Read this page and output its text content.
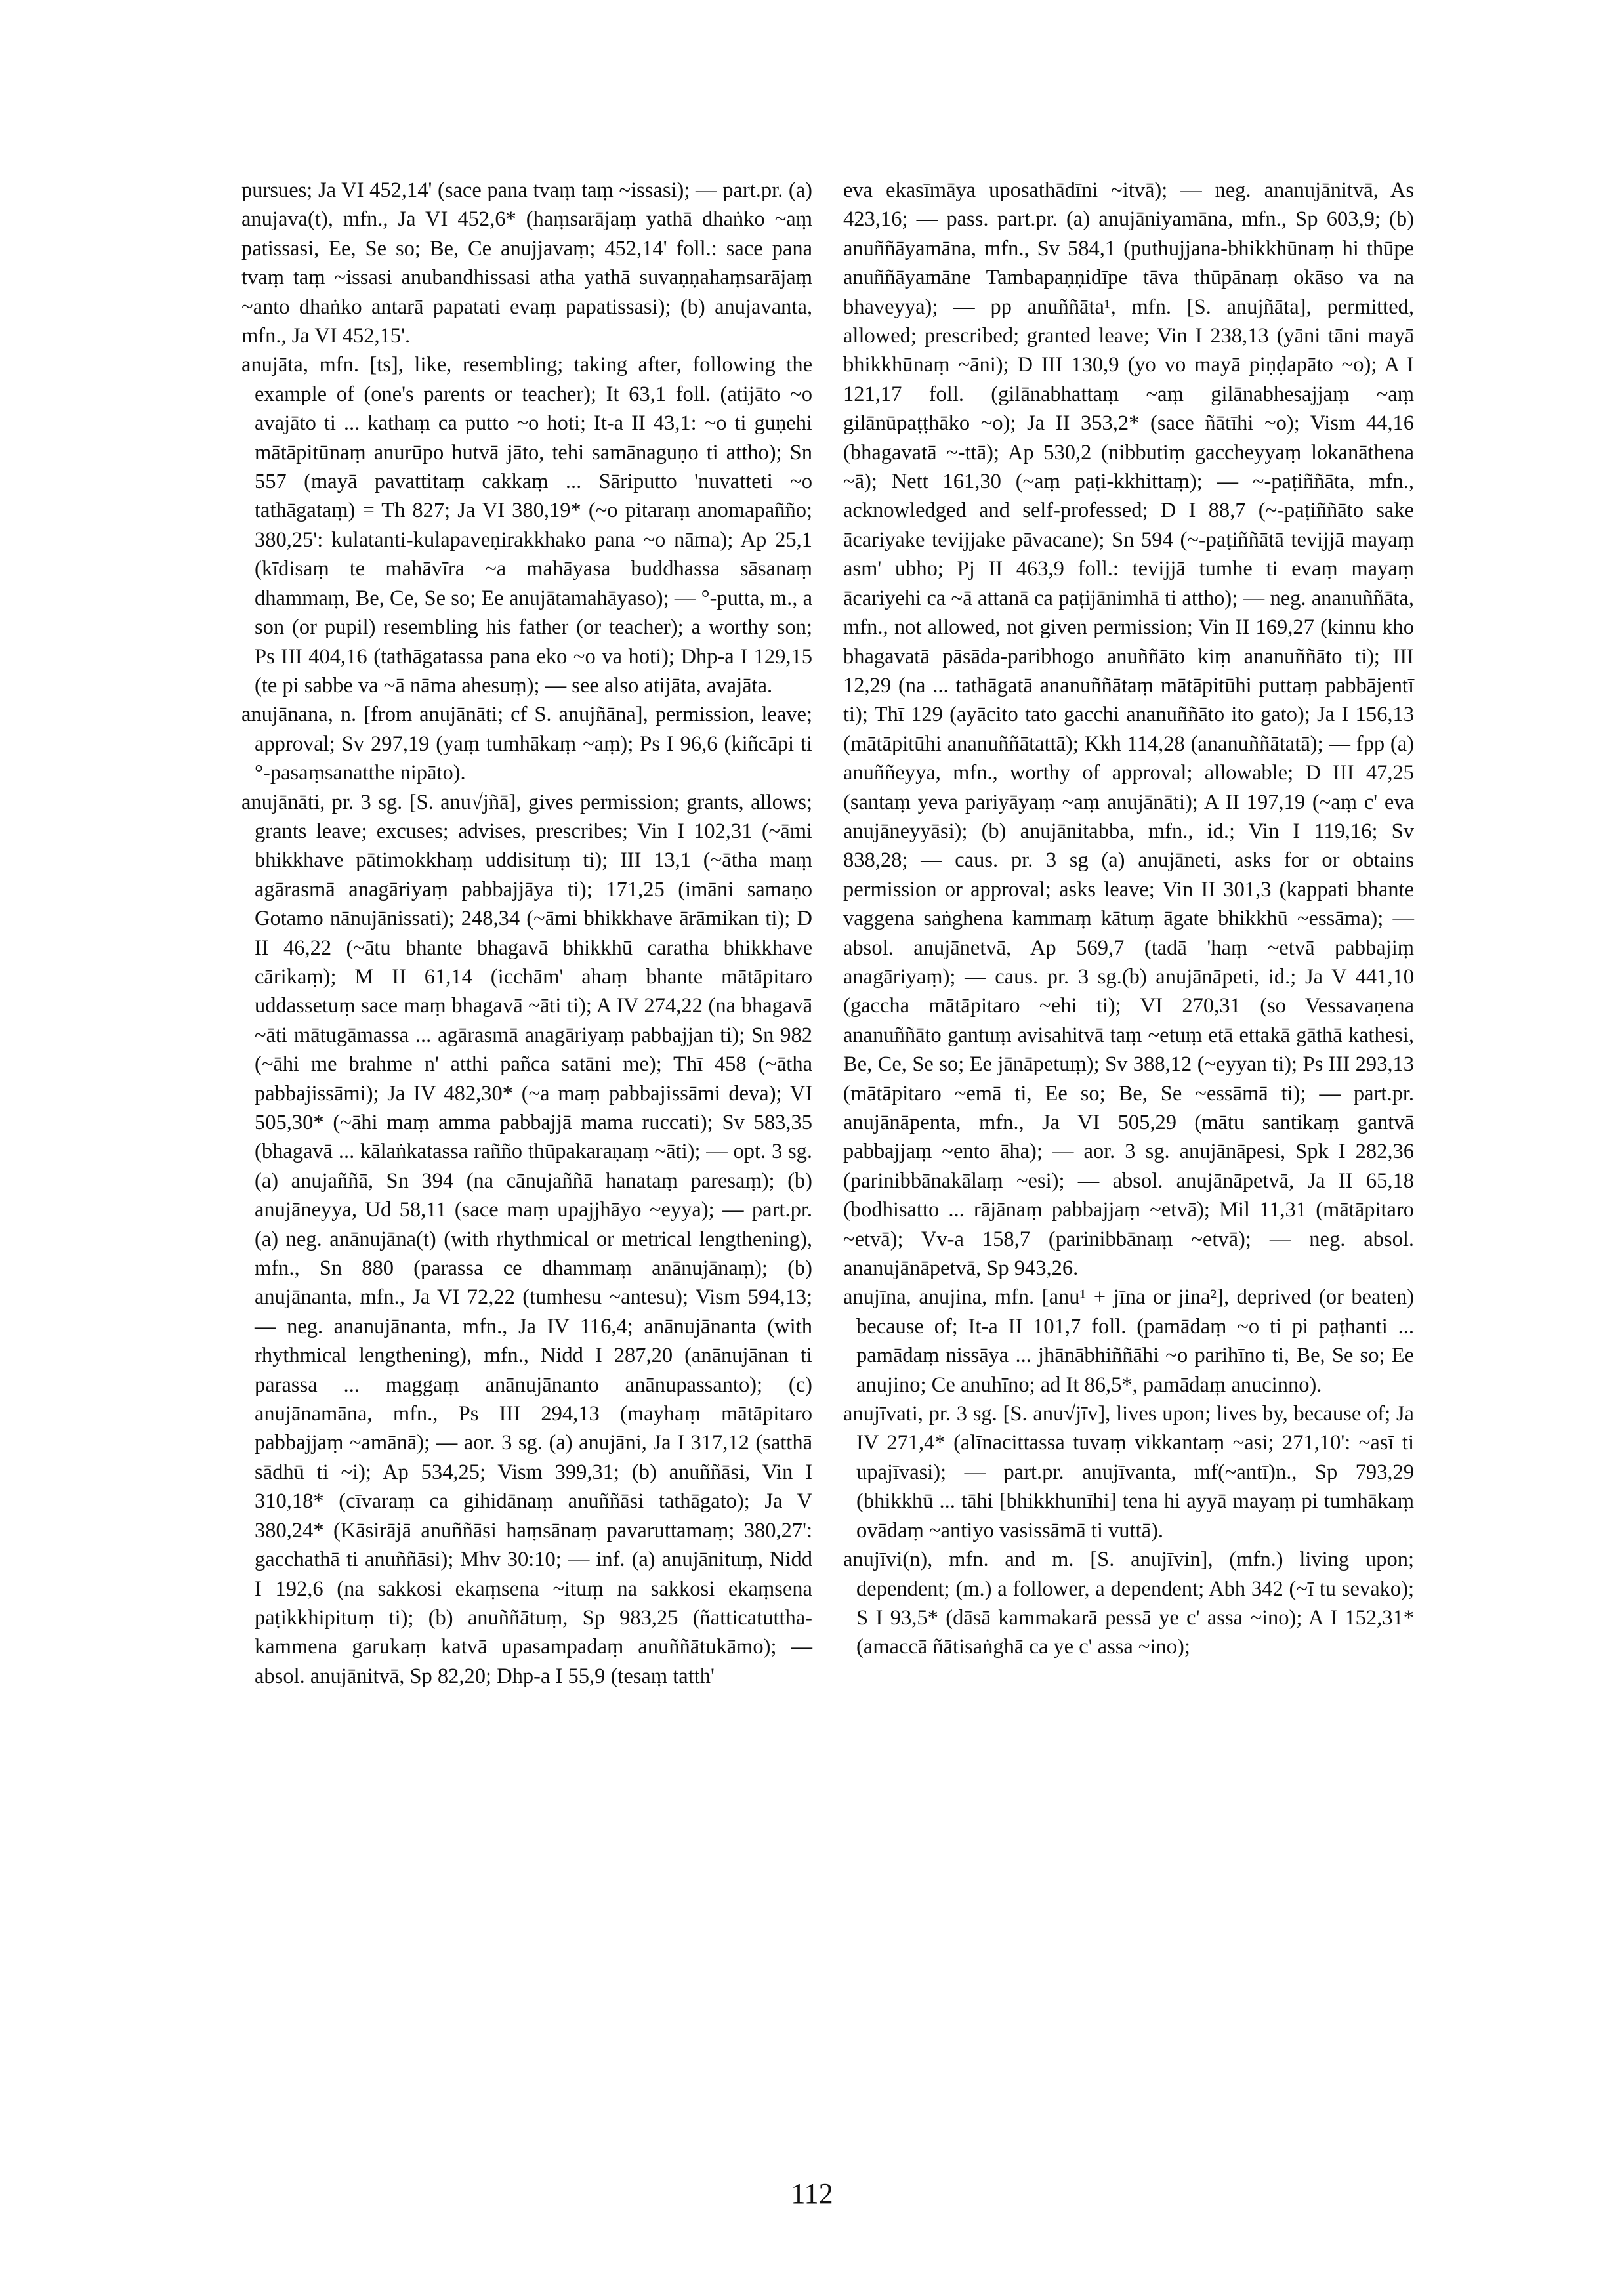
pursues; Ja VI 452,14' (sace pana tvaṃ taṃ ~issasi); — part.pr. (a) anujava(t), mfn., Ja VI 452,6* (haṃsarājaṃ yathā dhaṅko ~aṃ patissasi, Ee, Se so; Be, Ce anujjavaṃ; 452,14' foll.: sace pana tvaṃ taṃ ~issasi anubandhissasi atha yathā suvaṇṇahaṃsarājaṃ ~anto dhaṅko antarā papatati evaṃ papatissasi); (b) anujavanta, mfn., Ja VI 452,15'.

anujāta, mfn. [ts], like, resembling; taking after, following the example of (one's parents or teacher); It 63,1 foll. (atijāto ~o avajāto ti ... kathaṃ ca putto ~o hoti; It-a II 43,1: ~o ti guṇehi mātāpitūnaṃ anurūpo hutvā jāto, tehi samānaguṇo ti attho); Sn 557 (mayā pavattitaṃ cakkaṃ ... Sāriputto 'nuvatteti ~o tathāgataṃ) = Th 827; Ja VI 380,19* (~o pitaraṃ anomapañño; 380,25': kulatanti-kulapaveṇirakkhako pana ~o nāma); Ap 25,1 (kīdisaṃ te mahāvīra ~a mahāyasa buddhassa sāsanaṃ dhammaṃ, Be, Ce, Se so; Ee anujātamahāyaso); — °-putta, m., a son (or pupil) resembling his father (or teacher); a worthy son; Ps III 404,16 (tathāgatassa pana eko ~o va hoti); Dhp-a I 129,15 (te pi sabbe va ~ā nāma ahesuṃ); — see also atijāta, avajāta.

anujānana, n. [from anujānāti; cf S. anujñāna], permission, leave; approval; Sv 297,19 (yaṃ tumhākaṃ ~aṃ); Ps I 96,6 (kiñcāpi ti °-pasaṃsanatthe nipāto).

anujānāti, pr. 3 sg. [S. anu√jñā], gives permission; grants, allows; grants leave; excuses; advises, prescribes; Vin I 102,31 (~āmi bhikkhave pātimokkhaṃ uddisituṃ ti); III 13,1 (~ātha maṃ agārasmā anagāriyaṃ pabbajjāya ti); 171,25 (imāni samaṇo Gotamo nānujānissati); 248,34 (~āmi bhikkhave ārāmikan ti); D II 46,22 (~ātu bhante bhagavā bhikkhū caratha bhikkhave cārikaṃ); M II 61,14 (icchām' ahaṃ bhante mātāpitaro uddassetuṃ sace maṃ bhagavā ~āti ti); A IV 274,22 (na bhagavā ~āti mātugāmassa ... agārasmā anagāriyaṃ pabbajjan ti); Sn 982 (~āhi me brahme n' atthi pañca satāni me); Thī 458 (~ātha pabbajissāmi); Ja IV 482,30* (~a maṃ pabbajissāmi deva); VI 505,30* (~āhi maṃ amma pabbajjā mama ruccati); Sv 583,35 (bhagavā ... kālaṅkatassa rañño thūpakaraṇaṃ ~āti); — opt. 3 sg. (a) anujaññā, Sn 394 (na cānujaññā hanataṃ paresaṃ); (b) anujāneyya, Ud 58,11 (sace maṃ upajjhāyo ~eyya); — part.pr. (a) neg. anānujāna(t) (with rhythmical or metrical lengthening), mfn., Sn 880 (parassa ce dhammaṃ anānujānaṃ); (b) anujānanta, mfn., Ja VI 72,22 (tumhesu ~antesu); Vism 594,13; — neg. ananujānanta, mfn., Ja IV 116,4; anānujānanta (with rhythmical lengthening), mfn., Nidd I 287,20 (anānujānan ti parassa ... maggaṃ anānujānanto anānupassanto); (c) anujānamāna, mfn., Ps III 294,13 (mayhaṃ mātāpitaro pabbajjaṃ ~amānā); — aor. 3 sg. (a) anujāni, Ja I 317,12 (satthā sādhū ti ~i); Ap 534,25; Vism 399,31; (b) anuññāsi, Vin I 310,18* (cīvaraṃ ca gihidānaṃ anuññāsi tathāgato); Ja V 380,24* (Kāsirājā anuññāsi haṃsānaṃ pavaruttamaṃ; 380,27': gacchathā ti anuññāsi); Mhv 30:10; — inf. (a) anujānituṃ, Nidd I 192,6 (na sakkosi ekaṃsena ~ituṃ na sakkosi ekaṃsena paṭikkhipituṃ ti); (b) anuññātuṃ, Sp 983,25 (ñatticatuttha-kammena garukaṃ katvā upasampadaṃ anuññātukāmo); — absol. anujānitvā, Sp 82,20; Dhp-a I 55,9 (tesaṃ tatth'

eva ekasīmāya uposathādīni ~itvā); — neg. ananujānitvā, As 423,16; — pass. part.pr. (a) anujāniyamāna, mfn., Sp 603,9; (b) anuññāyamāna, mfn., Sv 584,1 (puthujjana-bhikkhūnaṃ hi thūpe anuññāyamāne Tambapaṇṇidīpe tāva thūpānaṃ okāso va na bhaveyya); — pp anuññāta¹, mfn. [S. anujñāta], permitted, allowed; prescribed; granted leave; Vin I 238,13 (yāni tāni mayā bhikkhūnaṃ ~āni); D III 130,9 (yo vo mayā piṇḍapāto ~o); A I 121,17 foll. (gilānabhattaṃ ~aṃ gilānabhesajjaṃ ~aṃ gilānūpaṭṭhāko ~o); Ja II 353,2* (sace ñātīhi ~o); Vism 44,16 (bhagavatā ~-ttā); Ap 530,2 (nibbutiṃ gaccheyyaṃ lokanāthena ~ā); Nett 161,30 (~aṃ paṭi-kkhittaṃ); — ~-paṭiññāta, mfn., acknowledged and self-professed; D I 88,7 (~-paṭiññāto sake ācariyake tevijjake pāvacane); Sn 594 (~-paṭiññātā tevijjā mayaṃ asm' ubho; Pj II 463,9 foll.: tevijjā tumhe ti evaṃ mayaṃ ācariyehi ca ~ā attanā ca paṭijānimhā ti attho); — neg. ananuññāta, mfn., not allowed, not given permission; Vin II 169,27 (kinnu kho bhagavatā pāsāda-paribhogo anuññāto kiṃ ananuññāto ti); III 12,29 (na ... tathāgatā ananuññātaṃ mātāpitūhi puttaṃ pabbājentī ti); Thī 129 (ayācito tato gacchi ananuññāto ito gato); Ja I 156,13 (mātāpitūhi ananuññātattā); Kkh 114,28 (ananuññātatā); — fpp (a) anuññeyya, mfn., worthy of approval; allowable; D III 47,25 (santaṃ yeva pariyāyaṃ ~aṃ anujānāti); A II 197,19 (~aṃ c' eva anujāneyyāsi); (b) anujānitabba, mfn., id.; Vin I 119,16; Sv 838,28; — caus. pr. 3 sg (a) anujāneti, asks for or obtains permission or approval; asks leave; Vin II 301,3 (kappati bhante vaggena saṅghena kammaṃ kātuṃ āgate bhikkhū ~essāma); — absol. anujānetvā, Ap 569,7 (tadā 'haṃ ~etvā pabbajiṃ anagāriyaṃ); — caus. pr. 3 sg.(b) anujānāpeti, id.; Ja V 441,10 (gaccha mātāpitaro ~ehi ti); VI 270,31 (so Vessavaṇena ananuññāto gantuṃ avisahitvā taṃ ~etuṃ etā ettakā gāthā kathesi, Be, Ce, Se so; Ee jānāpetuṃ); Sv 388,12 (~eyyan ti); Ps III 293,13 (mātāpitaro ~emā ti, Ee so; Be, Se ~essāmā ti); — part.pr. anujānāpenta, mfn., Ja VI 505,29 (mātu santikaṃ gantvā pabbajjaṃ ~ento āha); — aor. 3 sg. anujānāpesi, Spk I 282,36 (parinibbānakālaṃ ~esi); — absol. anujānāpetvā, Ja II 65,18 (bodhisatto ... rājānaṃ pabbajjaṃ ~etvā); Mil 11,31 (mātāpitaro ~etvā); Vv-a 158,7 (parinibbānaṃ ~etvā); — neg. absol. ananujānāpetvā, Sp 943,26.

anujīna, anujina, mfn. [anu¹ + jīna or jina²], deprived (or beaten) because of; It-a II 101,7 foll. (pamādaṃ ~o ti pi paṭhanti ... pamādaṃ nissāya ... jhānābhiññāhi ~o parihīno ti, Be, Se so; Ee anujino; Ce anuhīno; ad It 86,5*, pamādaṃ anucinno).

anujīvati, pr. 3 sg. [S. anu√jīv], lives upon; lives by, because of; Ja IV 271,4* (alīnacittassa tuvaṃ vikkantaṃ ~asi; 271,10': ~asī ti upajīvasi); — part.pr. anujīvanta, mf(~antī)n., Sp 793,29 (bhikkhū ... tāhi [bhikkhunīhi] tena hi ayyā mayaṃ pi tumhākaṃ ovādaṃ ~antiyo vasissāmā ti vuttā).

anujīvi(n), mfn. and m. [S. anujīvin], (mfn.) living upon; dependent; (m.) a follower, a dependent; Abh 342 (~ī tu sevako); S I 93,5* (dāsā kammakarā pessā ye c' assa ~ino); A I 152,31* (amaccā ñātisaṅghā ca ye c' assa ~ino);

112
